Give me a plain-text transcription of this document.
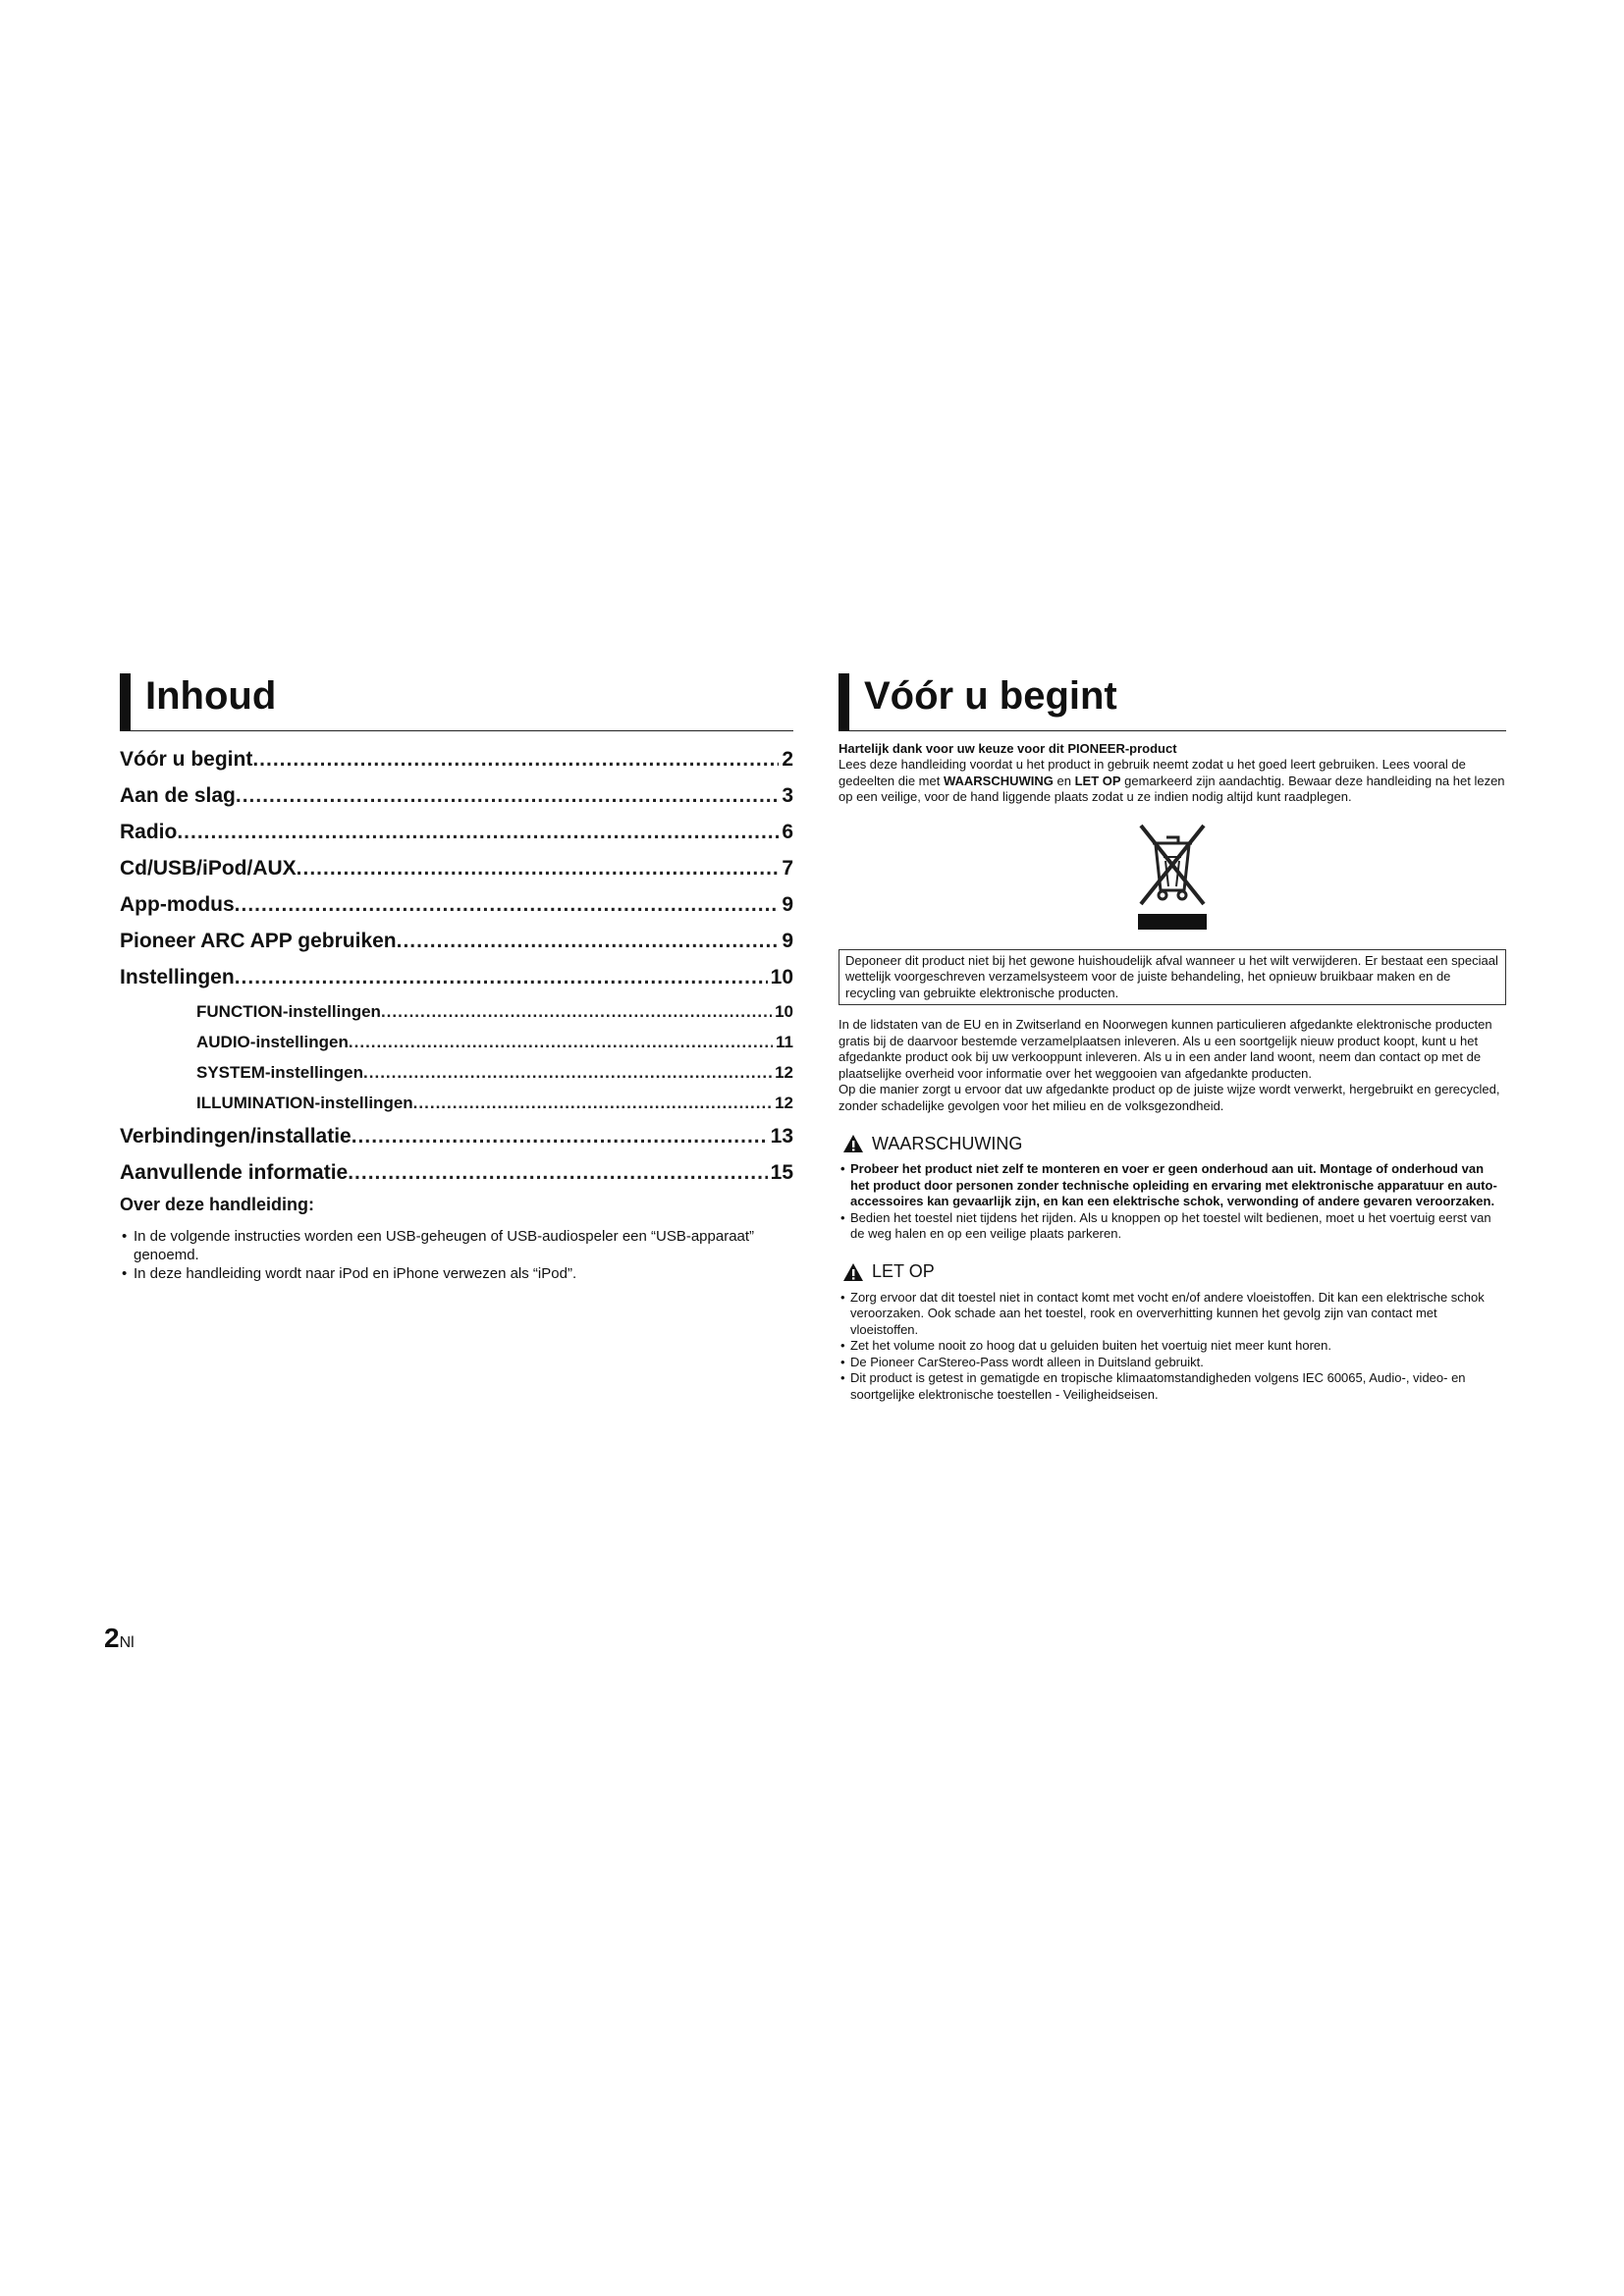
Inhoud
Vóór u begint .....	2
Aan de slag .....	3
Radio .....	6
Cd/USB/iPod/AUX .....	7
App-modus .....	9
Pioneer ARC APP gebruiken .....	9
Instellingen .....	10
FUNCTION-instellingen .....	10
AUDIO-instellingen .....	11
SYSTEM-instellingen .....	12
ILLUMINATION-instellingen .....	12
Verbindingen/installatie .....	13
Aanvullende informatie .....	15
Over deze handleiding:

• In de volgende instructies worden een USB-geheugen of USB-audiospeler een “USB-apparaat” genoemd.

• In deze handleiding wordt naar iPod en iPhone verwezen als “iPod”.

Vóór u begint
Hartelijk dank voor uw keuze voor dit PIONEER-product

Lees deze handleiding voordat u het product in gebruik neemt zodat u het goed leert gebruiken. Lees vooral de gedeelten die met WAARSCHUWING en LET OP gemarkeerd zijn aandachtig. Bewaar deze handleiding na het lezen op een veilige, voor de hand liggende plaats zodat u ze indien nodig altijd kunt raadplegen.

Deponeer dit product niet bij het gewone huishoudelijk afval wanneer u het wilt verwijderen. Er bestaat een speciaal wettelijk voorgeschreven verzamelsysteem voor de juiste behandeling, het opnieuw bruikbaar maken en de recycling van gebruikte elektronische producten.

In de lidstaten van de EU en in Zwitserland en Noorwegen kunnen particulieren afgedankte elektronische producten gratis bij de daarvoor bestemde verzamelplaatsen inleveren. Als u een soortgelijk nieuw product koopt, kunt u het afgedankte product ook bij uw verkooppunt inleveren. Als u in een ander land woont, neem dan contact op met de plaatselijke overheid voor informatie over het weggooien van afgedankte producten.

Op die manier zorgt u ervoor dat uw afgedankte product op de juiste wijze wordt verwerkt, hergebruikt en gerecycled, zonder schadelijke gevolgen voor het milieu en de volksgezondheid.

WAARSCHUWING

• Probeer het product niet zelf te monteren en voer er geen onderhoud aan uit. Montage of onderhoud van het product door personen zonder technische opleiding en ervaring met elektronische apparatuur en auto-accessoires kan gevaarlijk zijn, en kan een elektrische schok, verwonding of andere gevaren veroorzaken.

• Bedien het toestel niet tijdens het rijden. Als u knoppen op het toestel wilt bedienen, moet u het voertuig eerst van de weg halen en op een veilige plaats parkeren.

LET OP

• Zorg ervoor dat dit toestel niet in contact komt met vocht en/of andere vloeistoffen. Dit kan een elektrische schok veroorzaken. Ook schade aan het toestel, rook en oververhitting kunnen het gevolg zijn van contact met vloeistoffen.

• Zet het volume nooit zo hoog dat u geluiden buiten het voertuig niet meer kunt horen.

• De Pioneer CarStereo-Pass wordt alleen in Duitsland gebruikt.

• Dit product is getest in gematigde en tropische klimaatomstandigheden volgens IEC 60065, Audio-, video- en soortgelijke elektronische toestellen - Veiligheidseisen.

2Nl
